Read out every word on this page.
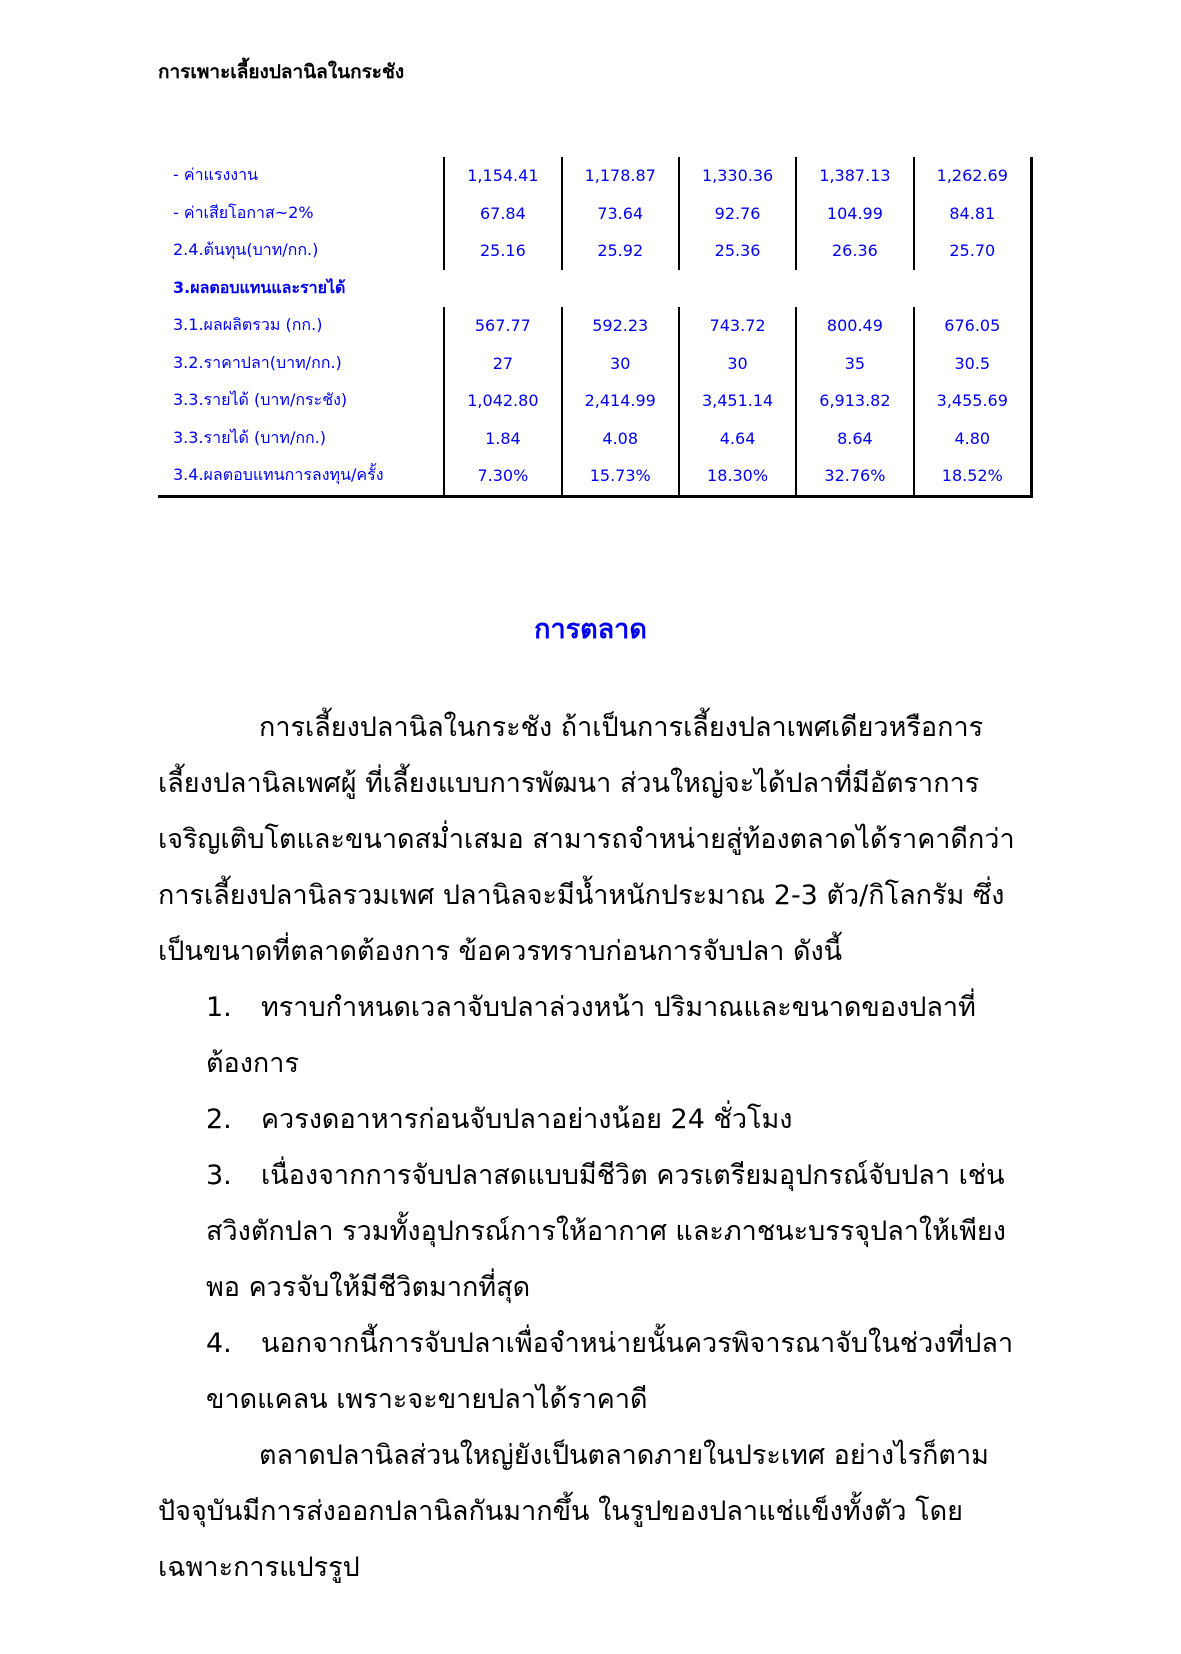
การเพาะเลี้ยงปลานิลในกระชัง
- ค่าแรงงาน	1,154.41	1,178.87	1,330.36	1,387.13	1,262.69
- ค่าเสียโอกาส~2%	67.84	73.64	92.76	104.99	84.81
2.4.ต้นทุน(บาท/กก.)	25.16	25.92	25.36	26.36	25.70
3.ผลตอบแทนและรายได้					
3.1.ผลผลิตรวม (กก.)	567.77	592.23	743.72	800.49	676.05
3.2.ราคาปลา(บาท/กก.)	27	30	30	35	30.5
3.3.รายได้ (บาท/กระชัง)	1,042.80	2,414.99	3,451.14	6,913.82	3,455.69
3.3.รายได้ (บาท/กก.)	1.84	4.08	4.64	8.64	4.80
3.4.ผลตอบแทนการลงทุน/ครั้ง	7.30%	15.73%	18.30%	32.76%	18.52%
การตลาด

การเลี้ยงปลานิลในกระชัง ถ้าเป็นการเลี้ยงปลาเพศเดียวหรือการเลี้ยงปลานิลเพศผู้ ที่เลี้ยงแบบการพัฒนา ส่วนใหญ่จะได้ปลาที่มีอัตราการเจริญเติบโตและขนาดสม่ำเสมอ สามารถจำหน่ายสู่ท้องตลาดได้ราคาดีกว่าการเลี้ยงปลานิลรวมเพศ ปลานิลจะมีน้ำหนักประมาณ 2-3 ตัว/กิโลกรัม ซึ่งเป็นขนาดที่ตลาดต้องการ ข้อควรทราบก่อนการจับปลา ดังนี้

1. ทราบกำหนดเวลาจับปลาล่วงหน้า ปริมาณและขนาดของปลาที่ต้องการ

2. ควรงดอาหารก่อนจับปลาอย่างน้อย 24 ชั่วโมง

3. เนื่องจากการจับปลาสดแบบมีชีวิต ควรเตรียมอุปกรณ์จับปลา เช่น สวิงตักปลา รวมทั้งอุปกรณ์การให้อากาศ และภาชนะบรรจุปลาให้เพียงพอ ควรจับให้มีชีวิตมากที่สุด

4. นอกจากนี้การจับปลาเพื่อจำหน่ายนั้นควรพิจารณาจับในช่วงที่ปลาขาดแคลน เพราะจะขายปลาได้ราคาดี

ตลาดปลานิลส่วนใหญ่ยังเป็นตลาดภายในประเทศ อย่างไรก็ตามปัจจุบันมีการส่งออกปลานิลกันมากขึ้น ในรูปของปลาแช่แข็งทั้งตัว โดยเฉพาะการแปรรูป
